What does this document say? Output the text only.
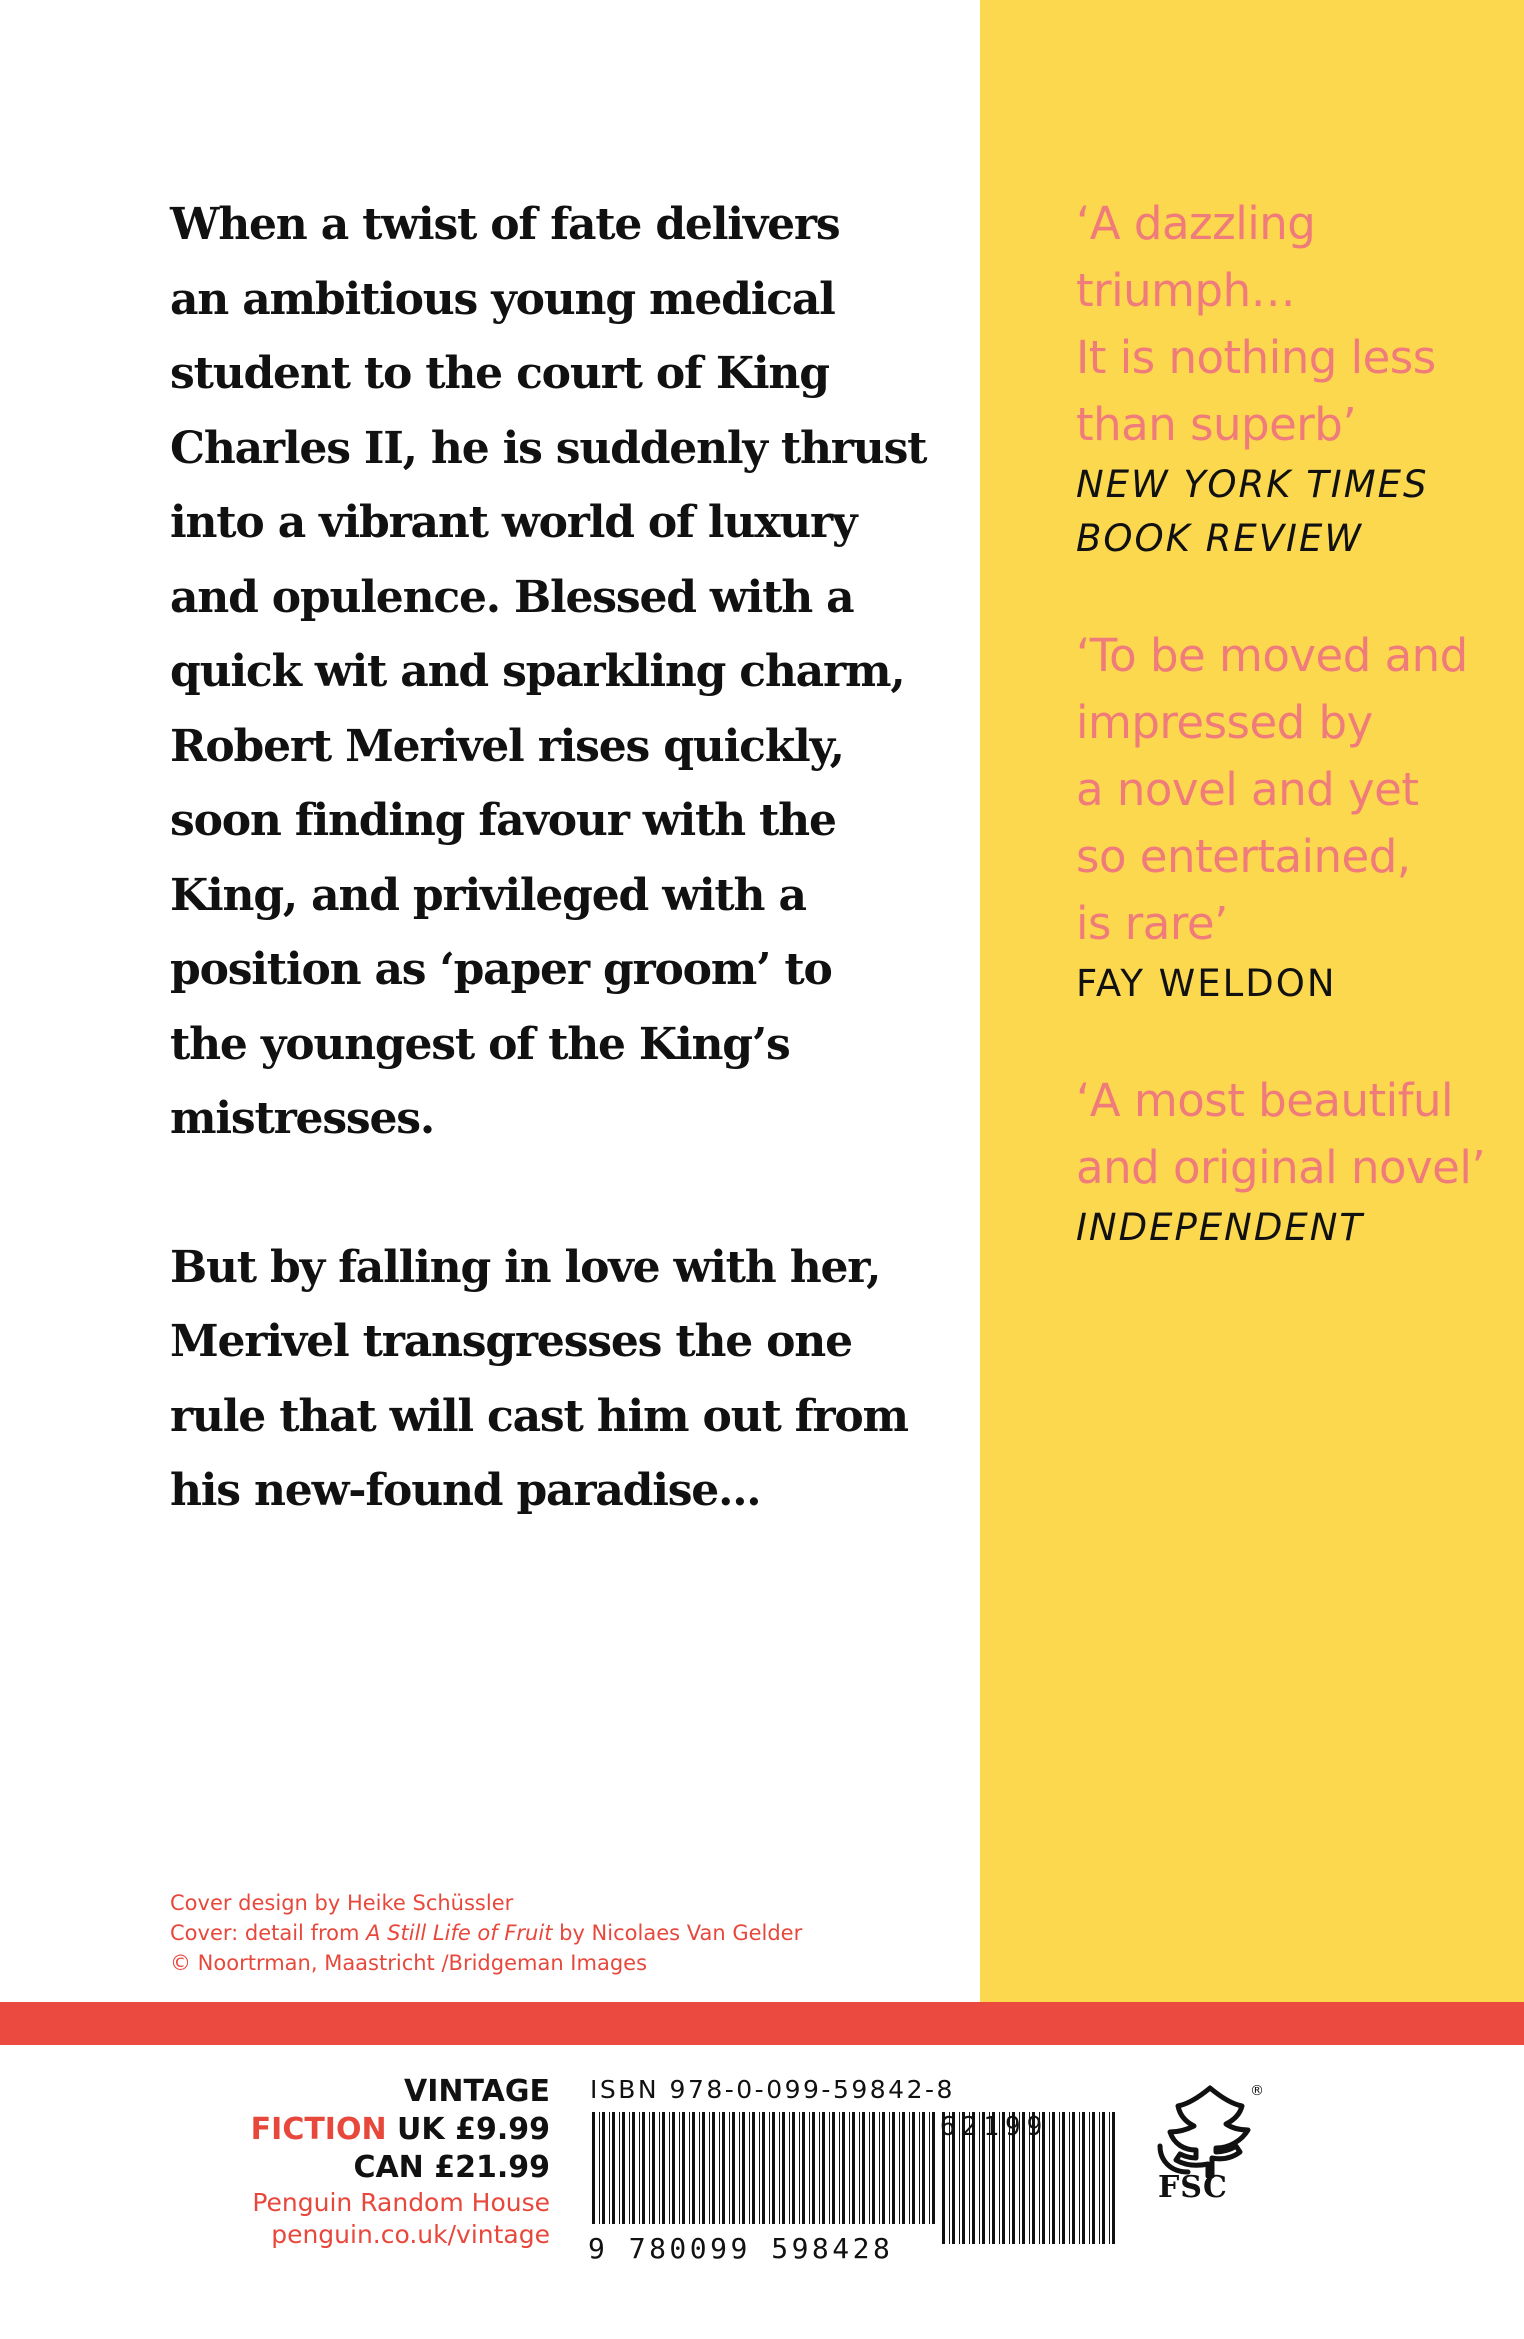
When a twist of fate delivers
an ambitious young medical
student to the court of King
Charles II, he is suddenly thrust
into a vibrant world of luxury
and opulence. Blessed with a
quick wit and sparkling charm,
Robert Merivel rises quickly,
soon finding favour with the
King, and privileged with a
position as ‘paper groom’ to
the youngest of the King’s
mistresses.

But by falling in love with her,
Merivel transgresses the one
rule that will cast him out from
his new-found paradise...

‘A dazzling
triumph…
It is nothing less
than superb’
NEW YORK TIMES
BOOK REVIEW
‘To be moved and
impressed by
a novel and yet
so entertained,
is rare’
FAY WELDON
‘A most beautiful
and original novel’
INDEPENDENT
Cover design by Heike Schüssler
Cover: detail from A Still Life of Fruit by Nicolaes Van Gelder
© Noortrman, Maastricht /Bridgeman Images
VINTAGE
FICTION UK £9.99
CAN £21.99
Penguin Random House
penguin.co.uk/vintage
ISBN 978-0-099-59842-8
9 780099 598428
62199
FSC
®
